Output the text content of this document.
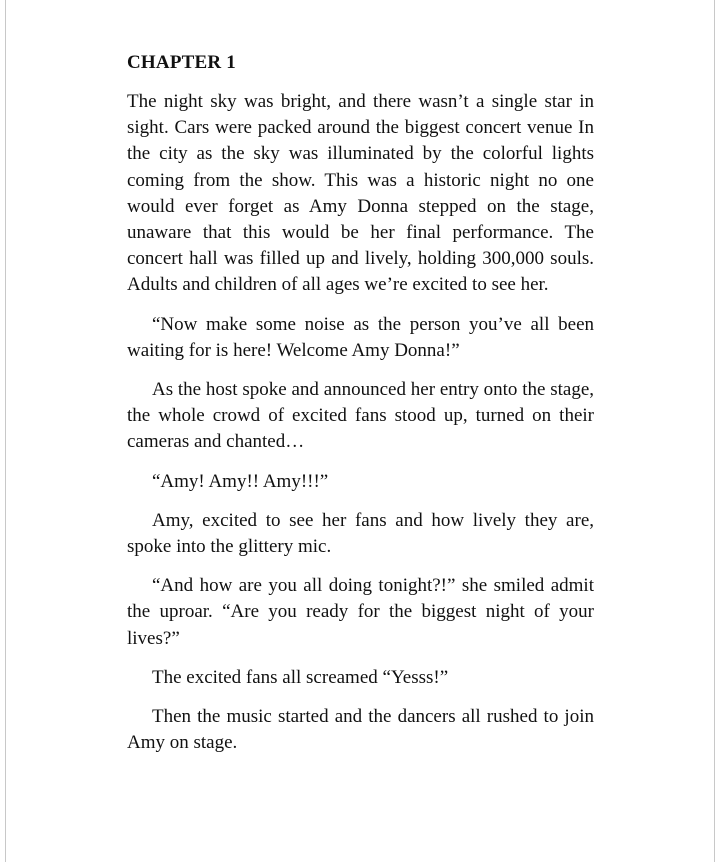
CHAPTER 1

The night sky was bright, and there wasn’t a single star in sight. Cars were packed around the biggest concert venue In the city as the sky was illuminated by the colorful lights coming from the show. This was a historic night no one would ever forget as Amy Donna stepped on the stage, unaware that this would be her final performance. The concert hall was filled up and lively, holding 300,000 souls. Adults and children of all ages we’re excited to see her.

“Now make some noise as the person you’ve all been waiting for is here! Welcome Amy Donna!”

As the host spoke and announced her entry onto the stage, the whole crowd of excited fans stood up, turned on their cameras and chanted…

“Amy! Amy!! Amy!!!”

Amy, excited to see her fans and how lively they are, spoke into the glittery mic.

“And how are you all doing tonight?!” she smiled admit the uproar. “Are you ready for the biggest night of your lives?”

The excited fans all screamed “Yesss!”

Then the music started and the dancers all rushed to join Amy on stage.
